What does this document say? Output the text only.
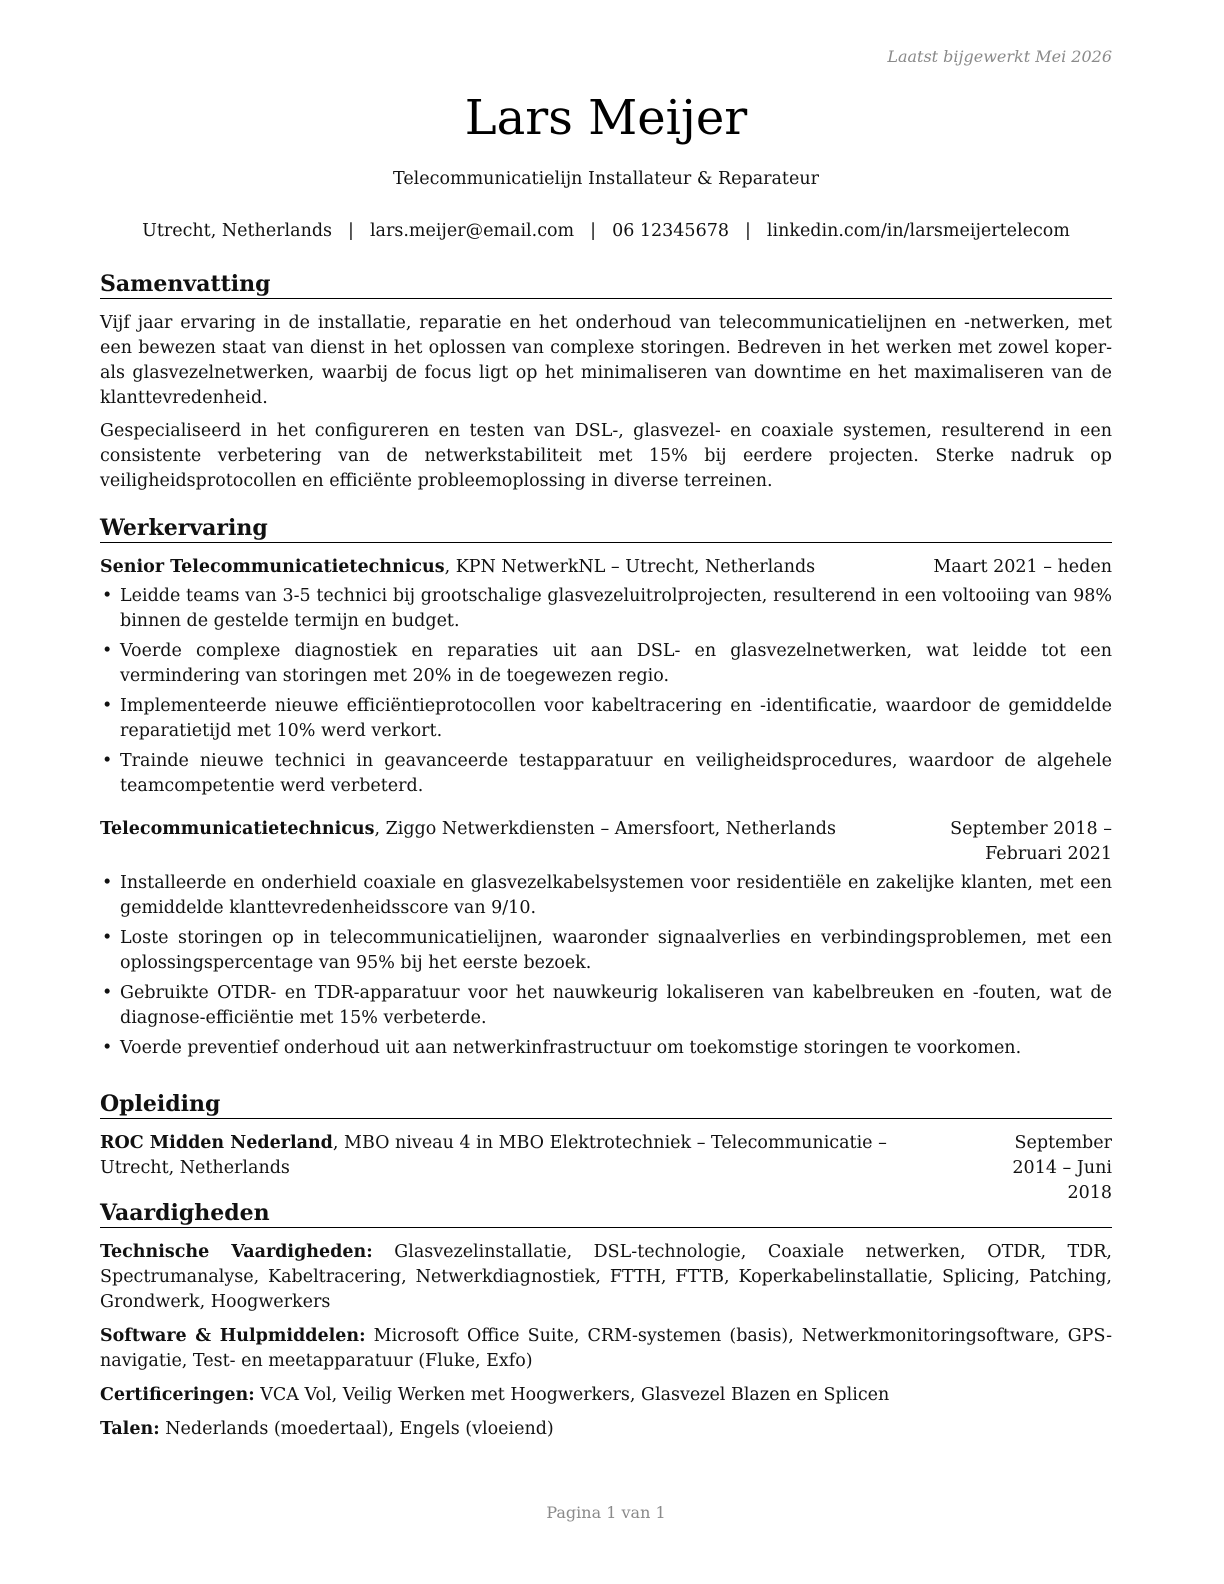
Laatst bijgewerkt Mei 2026
Lars Meijer
Telecommunicatielijn Installateur & Reparateur
Utrecht, Netherlands | lars.meijer@email.com | 06 12345678 | linkedin.com/in/larsmeijertelecom
Samenvatting

Vijf jaar ervaring in de installatie, reparatie en het onderhoud van telecommunicatielijnen en -netwerken, met een bewezen staat van dienst in het oplossen van complexe storingen. Bedreven in het werken met zowel koper- als glasvezelnetwerken, waarbij de focus ligt op het minimaliseren van downtime en het maximaliseren van de klanttevredenheid.

Gespecialiseerd in het configureren en testen van DSL-, glasvezel- en coaxiale systemen, resulterend in een consistente verbetering van de netwerkstabiliteit met 15% bij eerdere projecten. Sterke nadruk op veiligheidsprotocollen en efficiënte probleemoplossing in diverse terreinen.

Werkervaring
Senior Telecommunicatietechnicus, KPN NetwerkNL – Utrecht, Netherlands	Maart 2021 – heden
• Leidde teams van 3-5 technici bij grootschalige glasvezeluitrolprojecten, resulterend in een voltooiing van 98% binnen de gestelde termijn en budget.
• Voerde complexe diagnostiek en reparaties uit aan DSL- en glasvezelnetwerken, wat leidde tot een vermindering van storingen met 20% in de toegewezen regio.
• Implementeerde nieuwe efficiëntieprotocollen voor kabeltracering en -identificatie, waardoor de gemiddelde reparatietijd met 10% werd verkort.
• Trainde nieuwe technici in geavanceerde testapparatuur en veiligheidsprocedures, waardoor de algehele teamcompetentie werd verbeterd.
Telecommunicatietechnicus, Ziggo Netwerkdiensten – Amersfoort, Netherlands	September 2018 – Februari 2021
• Installeerde en onderhield coaxiale en glasvezelkabelsystemen voor residentiële en zakelijke klanten, met een gemiddelde klanttevredenheidsscore van 9/10.
• Loste storingen op in telecommunicatielijnen, waaronder signaalverlies en verbindingsproblemen, met een oplossingspercentage van 95% bij het eerste bezoek.
• Gebruikte OTDR- en TDR-apparatuur voor het nauwkeurig lokaliseren van kabelbreuken en -fouten, wat de diagnose-efficiëntie met 15% verbeterde.
• Voerde preventief onderhoud uit aan netwerkinfrastructuur om toekomstige storingen te voorkomen.
Opleiding
ROC Midden Nederland, MBO niveau 4 in MBO Elektrotechniek – Telecommunicatie – Utrecht, Netherlands
September 2014 – Juni 2018
Vaardigheden
Technische Vaardigheden: Glasvezelinstallatie, DSL-technologie, Coaxiale netwerken, OTDR, TDR, Spectrumanalyse, Kabeltracering, Netwerkdiagnostiek, FTTH, FTTB, Koperkabelinstallatie, Splicing, Patching, Grondwerk, Hoogwerkers
Software & Hulpmiddelen: Microsoft Office Suite, CRM-systemen (basis), Netwerkmonitoringsoftware, GPS-navigatie, Test- en meetapparatuur (Fluke, Exfo)
Certificeringen: VCA Vol, Veilig Werken met Hoogwerkers, Glasvezel Blazen en Splicen
Talen: Nederlands (moedertaal), Engels (vloeiend)
Pagina 1 van 1
